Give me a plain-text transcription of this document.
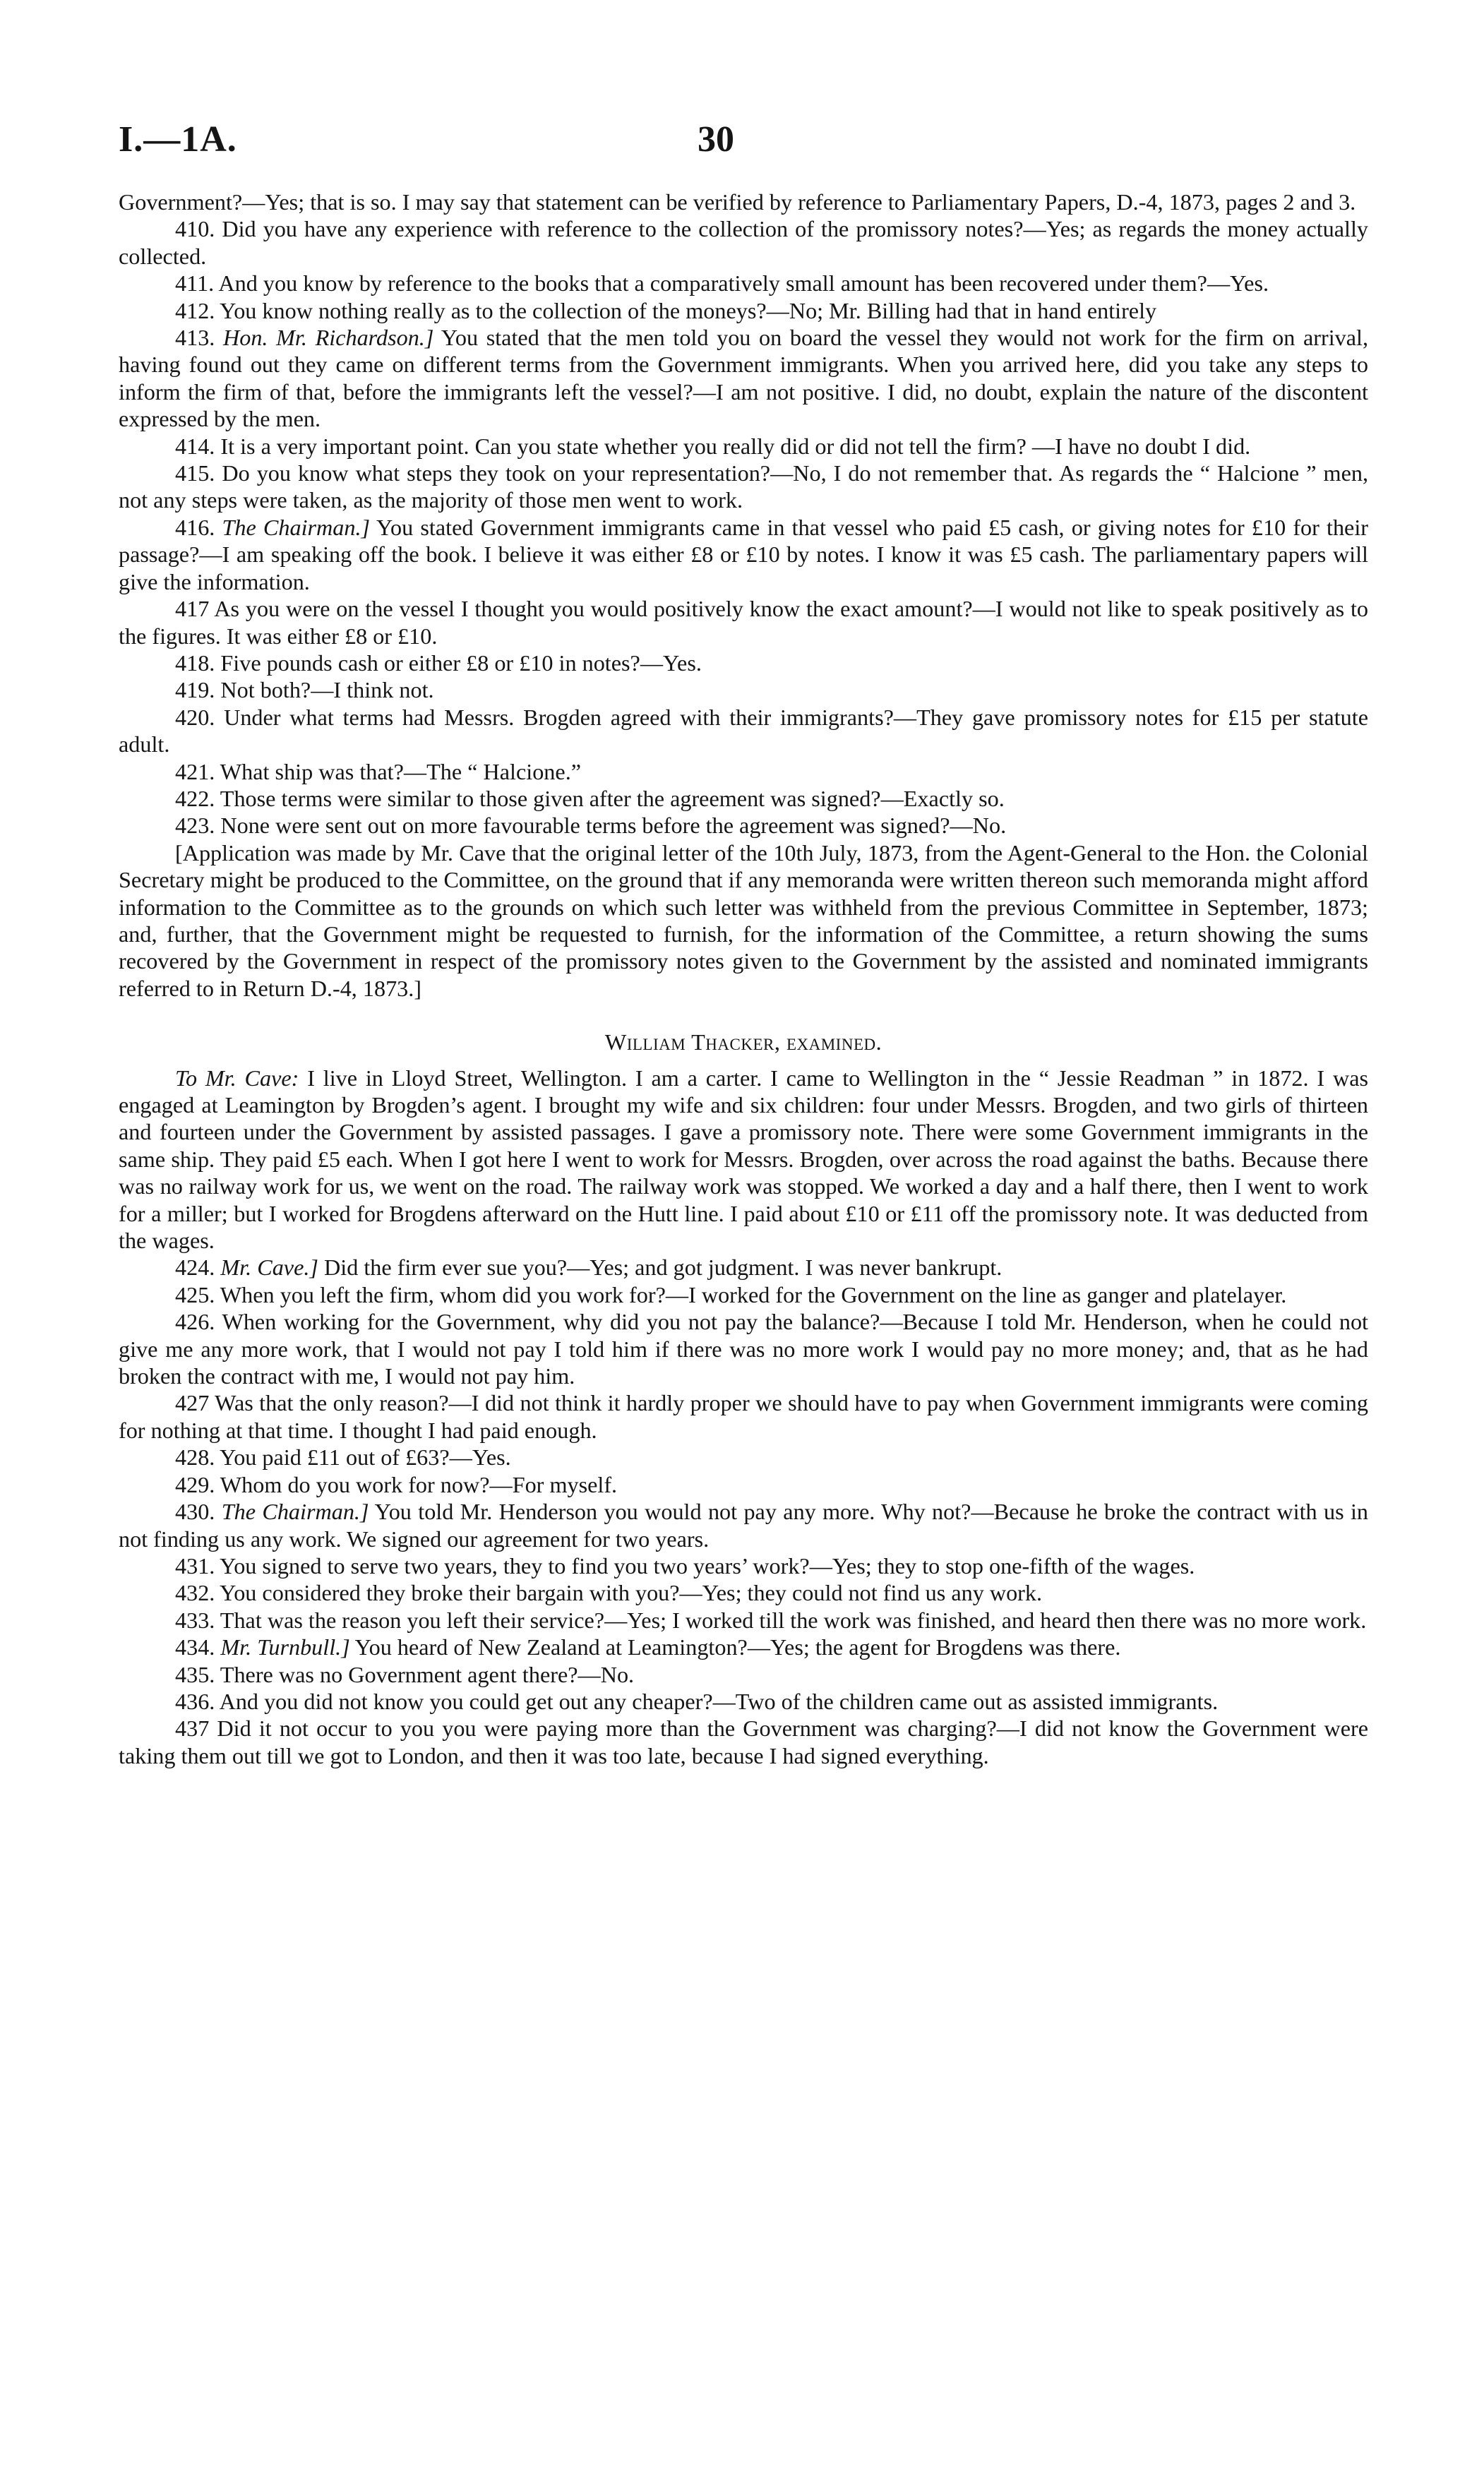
I.—1A.	30

Government?—Yes; that is so. I may say that statement can be verified by reference to Parliamentary Papers, D.-4, 1873, pages 2 and 3.

410. Did you have any experience with reference to the collection of the promissory notes?—Yes; as regards the money actually collected.

411. And you know by reference to the books that a comparatively small amount has been recovered under them?—Yes.

412. You know nothing really as to the collection of the moneys?—No; Mr. Billing had that in hand entirely

413. Hon. Mr. Richardson.] You stated that the men told you on board the vessel they would not work for the firm on arrival, having found out they came on different terms from the Government immigrants. When you arrived here, did you take any steps to inform the firm of that, before the immigrants left the vessel?—I am not positive. I did, no doubt, explain the nature of the discontent expressed by the men.

414. It is a very important point. Can you state whether you really did or did not tell the firm? —I have no doubt I did.

415. Do you know what steps they took on your representation?—No, I do not remember that. As regards the “ Halcione ” men, not any steps were taken, as the majority of those men went to work.

416. The Chairman.] You stated Government immigrants came in that vessel who paid £5 cash, or giving notes for £10 for their passage?—I am speaking off the book. I believe it was either £8 or £10 by notes. I know it was £5 cash. The parliamentary papers will give the information.

417 As you were on the vessel I thought you would positively know the exact amount?—I would not like to speak positively as to the figures. It was either £8 or £10.

418. Five pounds cash or either £8 or £10 in notes?—Yes.

419. Not both?—I think not.

420. Under what terms had Messrs. Brogden agreed with their immigrants?—They gave promissory notes for £15 per statute adult.

421. What ship was that?—The “ Halcione.”

422. Those terms were similar to those given after the agreement was signed?—Exactly so.

423. None were sent out on more favourable terms before the agreement was signed?—No.

[Application was made by Mr. Cave that the original letter of the 10th July, 1873, from the Agent-General to the Hon. the Colonial Secretary might be produced to the Committee, on the ground that if any memoranda were written thereon such memoranda might afford information to the Committee as to the grounds on which such letter was withheld from the previous Committee in September, 1873; and, further, that the Government might be requested to furnish, for the information of the Committee, a return showing the sums recovered by the Government in respect of the promissory notes given to the Government by the assisted and nominated immigrants referred to in Return D.-4, 1873.]

William Thacker, examined.

To Mr. Cave: I live in Lloyd Street, Wellington. I am a carter. I came to Wellington in the “ Jessie Readman ” in 1872. I was engaged at Leamington by Brogden’s agent. I brought my wife and six children: four under Messrs. Brogden, and two girls of thirteen and fourteen under the Government by assisted passages. I gave a promissory note. There were some Government immigrants in the same ship. They paid £5 each. When I got here I went to work for Messrs. Brogden, over across the road against the baths. Because there was no railway work for us, we went on the road. The railway work was stopped. We worked a day and a half there, then I went to work for a miller; but I worked for Brogdens afterward on the Hutt line. I paid about £10 or £11 off the promissory note. It was deducted from the wages.

424. Mr. Cave.] Did the firm ever sue you?—Yes; and got judgment. I was never bankrupt.

425. When you left the firm, whom did you work for?—I worked for the Government on the line as ganger and platelayer.

426. When working for the Government, why did you not pay the balance?—Because I told Mr. Henderson, when he could not give me any more work, that I would not pay I told him if there was no more work I would pay no more money; and, that as he had broken the contract with me, I would not pay him.

427 Was that the only reason?—I did not think it hardly proper we should have to pay when Government immigrants were coming for nothing at that time. I thought I had paid enough.

428. You paid £11 out of £63?—Yes.

429. Whom do you work for now?—For myself.

430. The Chairman.] You told Mr. Henderson you would not pay any more. Why not?—Because he broke the contract with us in not finding us any work. We signed our agreement for two years.

431. You signed to serve two years, they to find you two years’ work?—Yes; they to stop one-fifth of the wages.

432. You considered they broke their bargain with you?—Yes; they could not find us any work.

433. That was the reason you left their service?—Yes; I worked till the work was finished, and heard then there was no more work.

434. Mr. Turnbull.] You heard of New Zealand at Leamington?—Yes; the agent for Brogdens was there.

435. There was no Government agent there?—No.

436. And you did not know you could get out any cheaper?—Two of the children came out as assisted immigrants.

437 Did it not occur to you you were paying more than the Government was charging?—I did not know the Government were taking them out till we got to London, and then it was too late, because I had signed everything.
